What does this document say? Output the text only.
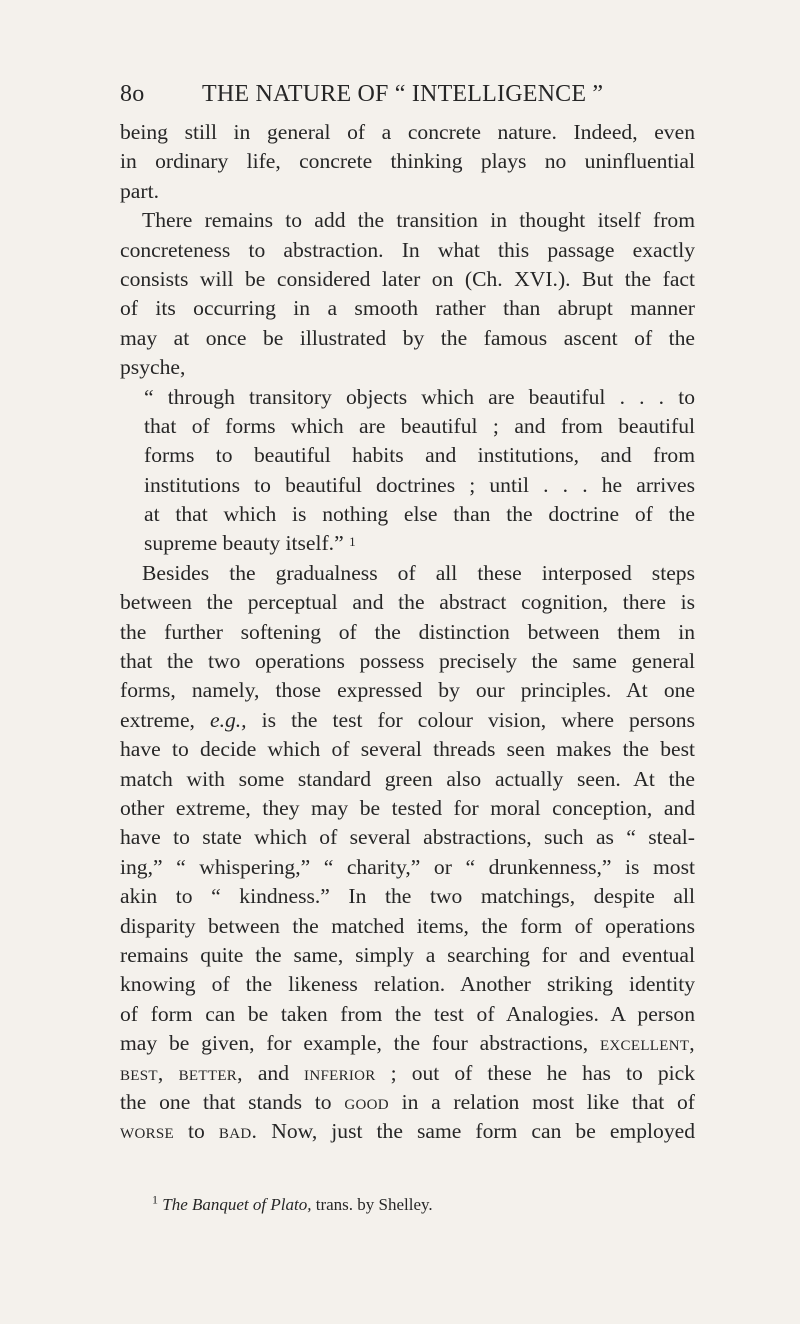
8o THE NATURE OF “ INTELLIGENCE ”
being still in general of a concrete nature. Indeed, even
in ordinary life, concrete thinking plays no uninfluential
part.
There remains to add the transition in thought itself from
concreteness to abstraction. In what this passage exactly
consists will be considered later on (Ch. XVI.). But the fact
of its occurring in a smooth rather than abrupt manner
may at once be illustrated by the famous ascent of the
psyche,
“ through transitory objects which are beautiful . . . to
that of forms which are beautiful ; and from beautiful
forms to beautiful habits and institutions, and from
institutions to beautiful doctrines ; until . . . he arrives
at that which is nothing else than the doctrine of the
supreme beauty itself.” $^1$
Besides the gradualness of all these interposed steps
between the perceptual and the abstract cognition, there is
the further softening of the distinction between them in
that the two operations possess precisely the same general
forms, namely, those expressed by our principles. At one
extreme, e.g., is the test for colour vision, where persons
have to decide which of several threads seen makes the best
match with some standard green also actually seen. At the
other extreme, they may be tested for moral conception, and
have to state which of several abstractions, such as “ steal-
ing,” “ whispering,” “ charity,” or “ drunkenness,” is most
akin to “ kindness.” In the two matchings, despite all
disparity between the matched items, the form of operations
remains quite the same, simply a searching for and eventual
knowing of the likeness relation. Another striking identity
of form can be taken from the test of Analogies. A person
may be given, for example, the four abstractions, excellent,
best, better, and inferior ; out of these he has to pick
the one that stands to good in a relation most like that of
worse to bad. Now, just the same form can be employed
$^1$ The Banquet of Plato, trans. by Shelley.
